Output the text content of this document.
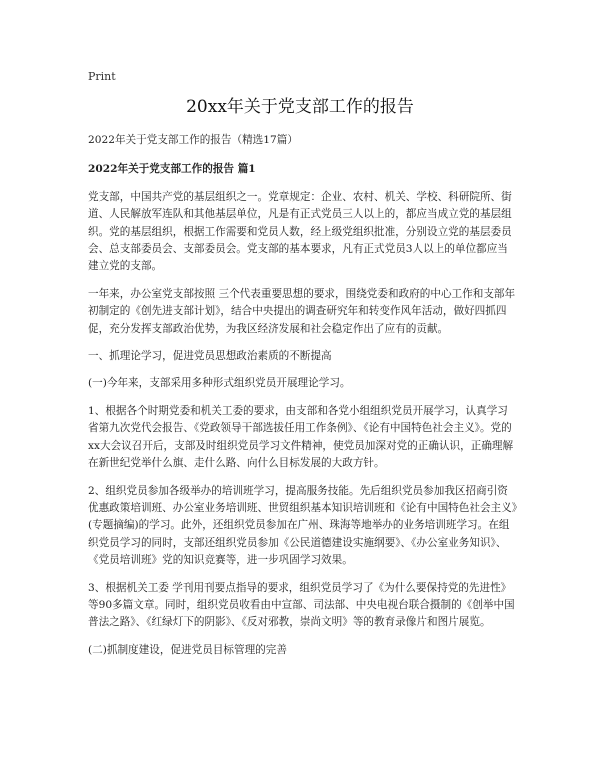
Print
20xx年关于党支部工作的报告

2022年关于党支部工作的报告（精选17篇）

2022年关于党支部工作的报告 篇1

党支部，中国共产党的基层组织之一。党章规定：企业、农村、机关、学校、科研院所、街道、人民解放军连队和其他基层单位，凡是有正式党员三人以上的，都应当成立党的基层组织。党的基层组织，根据工作需要和党员人数，经上级党组织批准，分别设立党的基层委员会、总支部委员会、支部委员会。党支部的基本要求，凡有正式党员3人以上的单位都应当建立党的支部。

一年来，办公室党支部按照 三个代表重要思想的要求，围绕党委和政府的中心工作和支部年初制定的《创先进支部计划》，结合中央提出的调查研究年和转变作风年活动，做好四抓四促，充分发挥支部政治优势，为我区经济发展和社会稳定作出了应有的贡献。

一、抓理论学习，促进党员思想政治素质的不断提高

(一)今年来，支部采用多种形式组织党员开展理论学习。

1、根据各个时期党委和机关工委的要求，由支部和各党小组组织党员开展学习，认真学习省第九次党代会报告、《党政领导干部选拔任用工作条例》、《论有中国特色社会主义》。党的xx大会议召开后，支部及时组织党员学习文件精神，使党员加深对党的正确认识，正确理解在新世纪党举什么旗、走什么路、向什么目标发展的大政方针。

2、组织党员参加各级举办的培训班学习，提高服务技能。先后组织党员参加我区招商引资优惠政策培训班、办公室业务培训班、世贸组织基本知识培训班和《论有中国特色社会主义》(专题摘编)的学习。此外，还组织党员参加在广州、珠海等地举办的业务培训班学习。在组织党员学习的同时，支部还组织党员参加《公民道德建设实施纲要》、《办公室业务知识》、《党员培训班》党的知识竞赛等，进一步巩固学习效果。

3、根据机关工委 学刊用刊要点指导的要求，组织党员学习了《为什么要保持党的先进性》等90多篇文章。同时，组织党员收看由中宣部、司法部、中央电视台联合摄制的《创举中国普法之路》、《红绿灯下的阴影》、《反对邪教，崇尚文明》等的教育录像片和图片展览。

(二)抓制度建设，促进党员目标管理的完善
